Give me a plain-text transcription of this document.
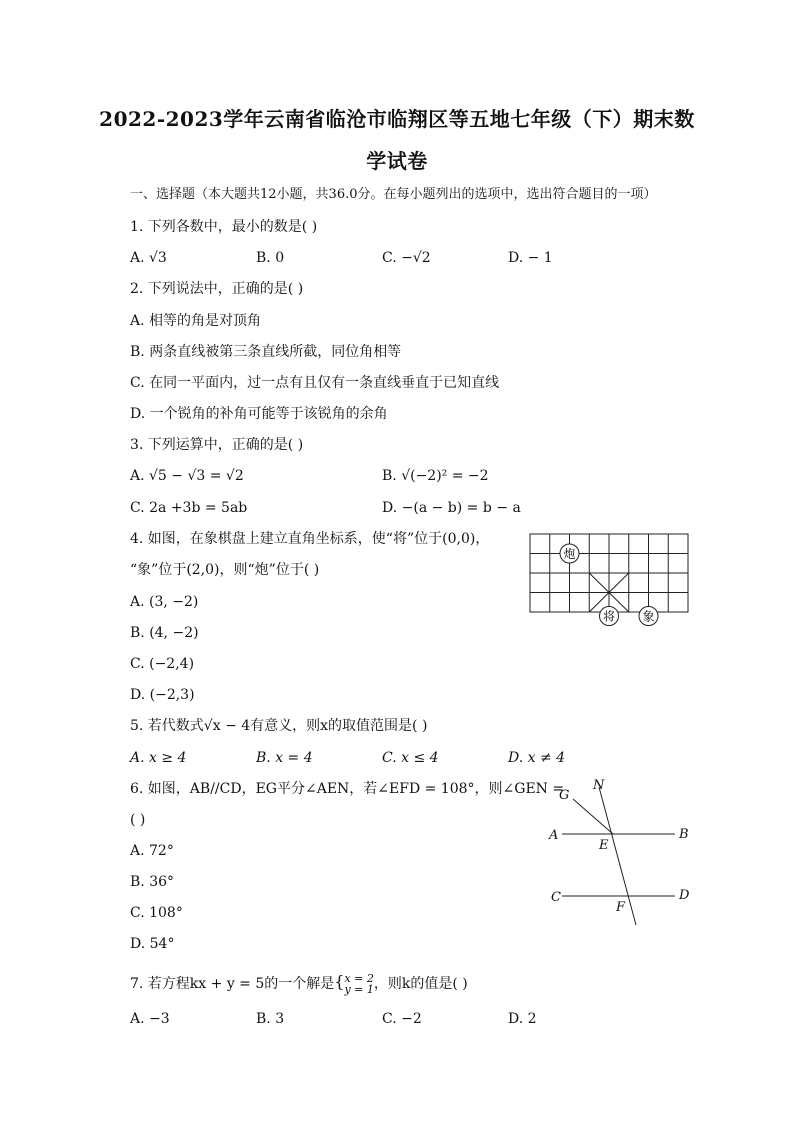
2022-2023学年云南省临沧市临翔区等五地七年级（下）期末数
学试卷
一、选择题（本大题共12小题，共36.0分。在每小题列出的选项中，选出符合题目的一项）
1. 下列各数中，最小的数是( )
A. √3	B. 0	C. −√2	D. − 1
2. 下列说法中，正确的是( )
A. 相等的角是对顶角
B. 两条直线被第三条直线所截，同位角相等
C. 在同一平面内，过一点有且仅有一条直线垂直于已知直线
D. 一个锐角的补角可能等于该锐角的余角
3. 下列运算中，正确的是( )
A. √5 − √3 = √2	B. √(−2)² = −2
C. 2a +3b = 5ab	D. −(a − b) = b − a
4. 如图，在象棋盘上建立直角坐标系，使“将”位于(0,0)，
“象”位于(2,0)，则“炮”位于( )
A. (3, −2)
B. (4, −2)
C. (−2,4)
D. (−2,3)
炮
将 象
5. 若代数式√x − 4有意义，则x的取值范围是( )
A. x ≥ 4	B. x = 4	C. x ≤ 4	D. x ≠ 4
6. 如图，AB//CD，EG平分∠AEN，若∠EFD = 108°，则∠GEN =
( )
A. 72°
B. 36°
C. 108°
D. 54°
G
N
A	B
E
C	D
F
7. 若方程kx + y = 5的一个解是{ x = 2
y = 1 ，则k的值是( )
A. −3	B. 3	C. −2	D. 2
